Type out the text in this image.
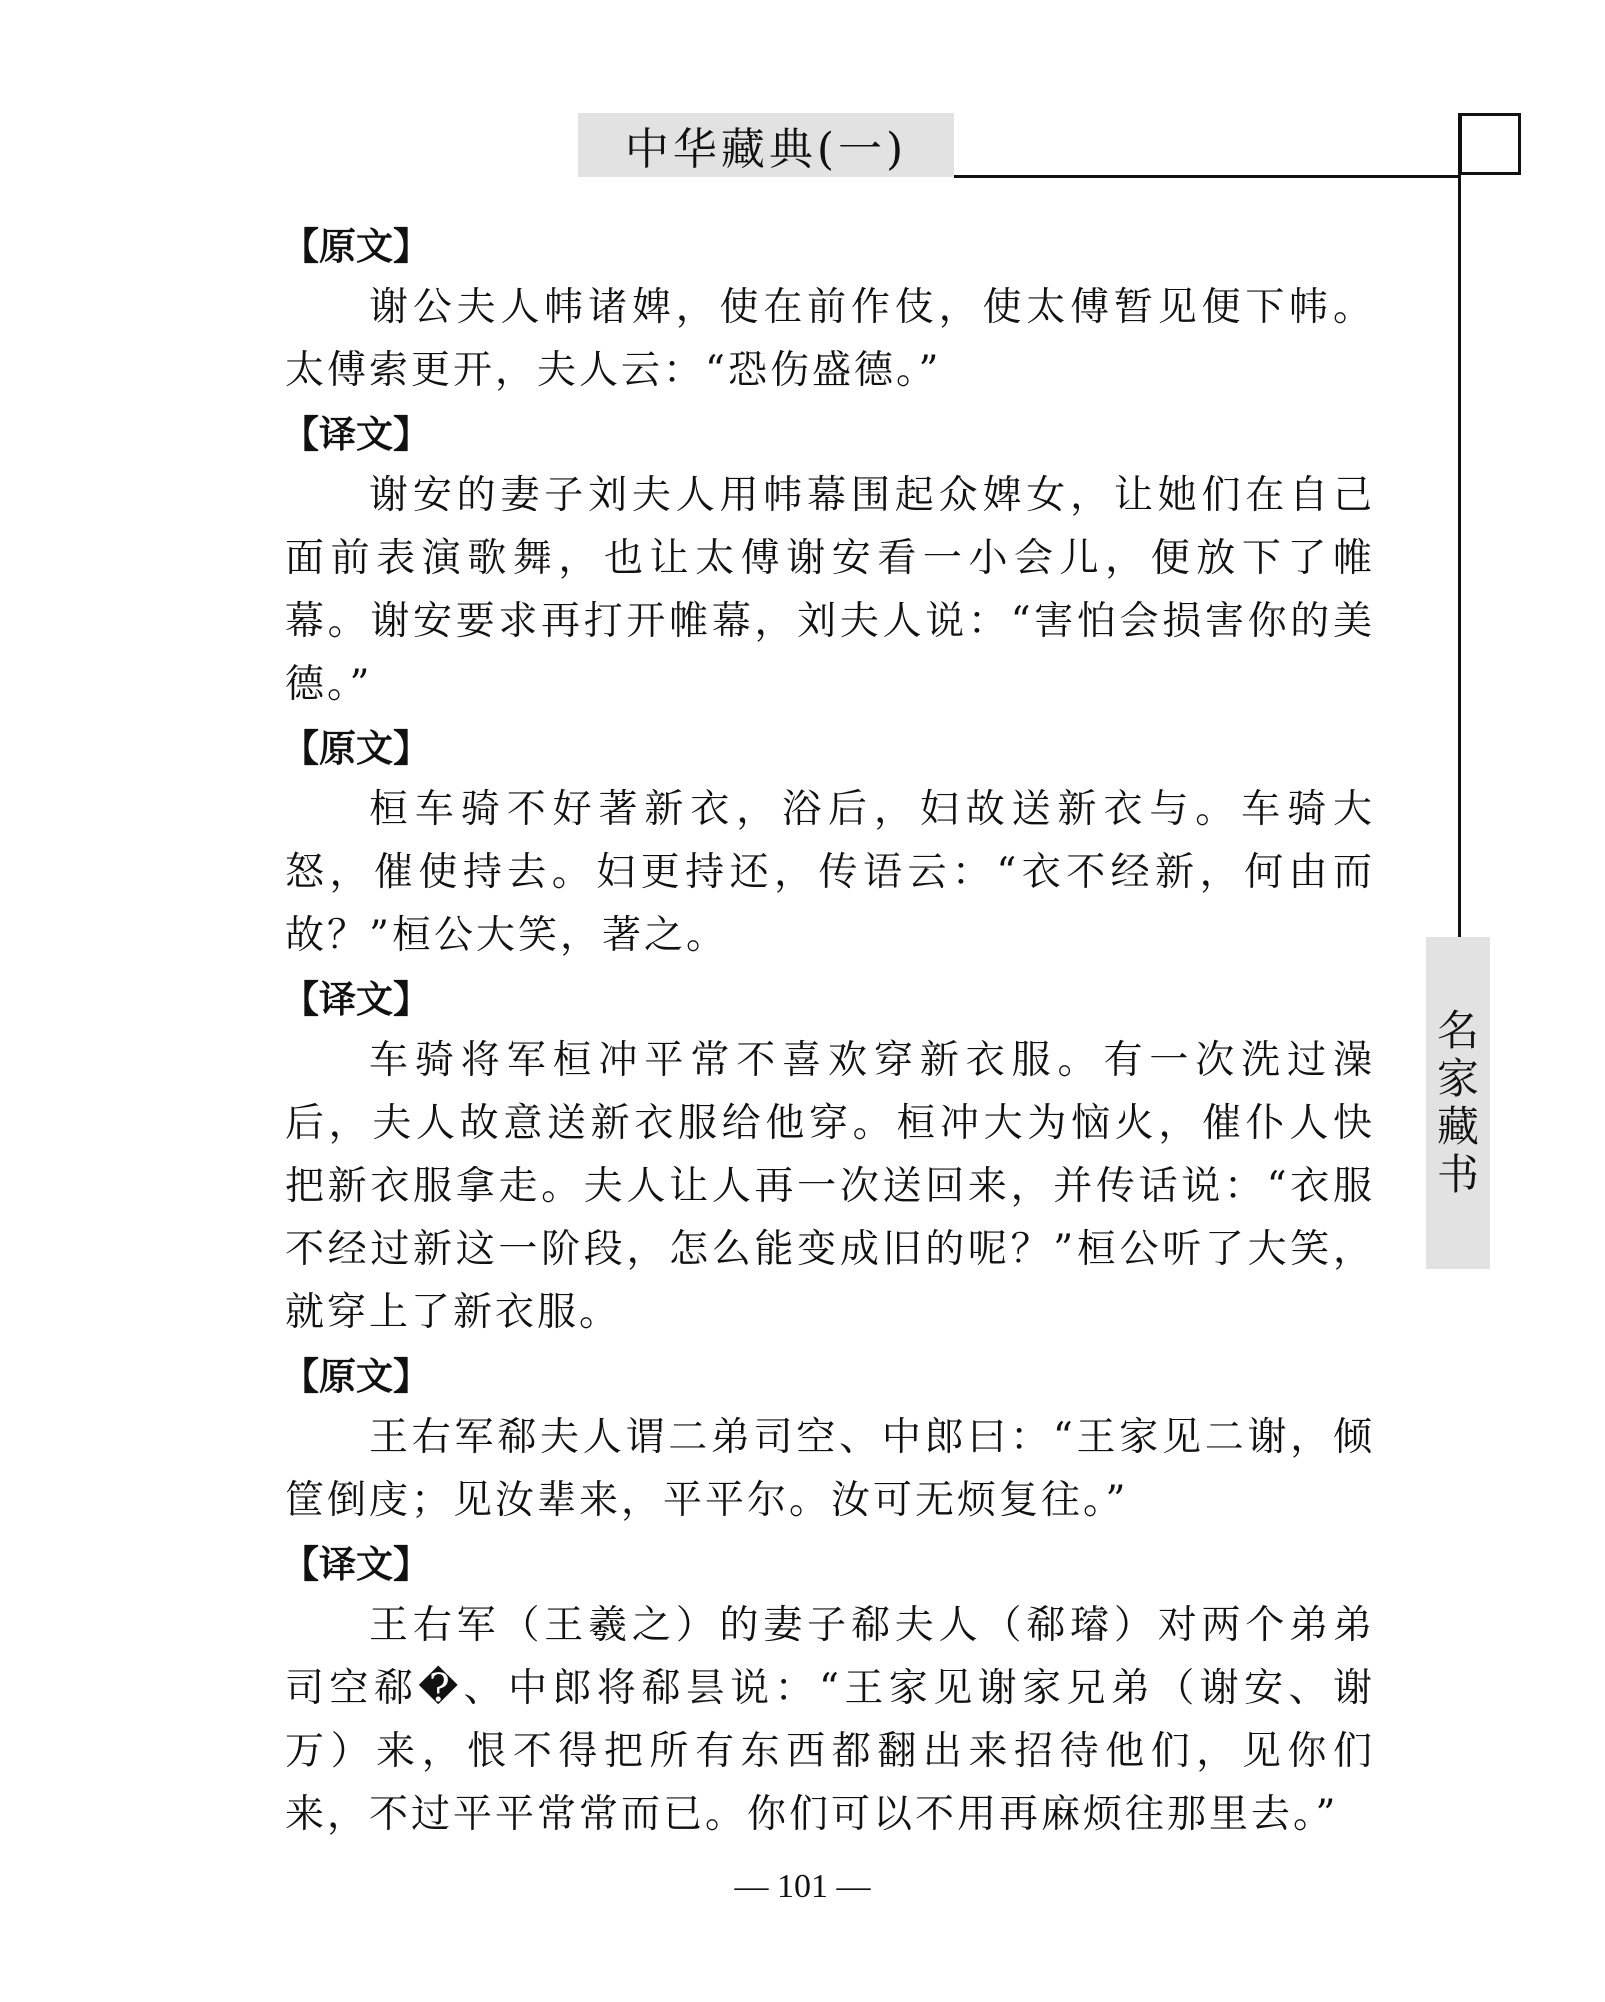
中华藏典(一)
名
家
藏
书
【原文】

谢公夫人帏诸婢，使在前作伎，使太傅暂见便下帏。太傅索更开，夫人云：“恐伤盛德。”

【译文】

谢安的妻子刘夫人用帏幕围起众婢女，让她们在自己面前表演歌舞，也让太傅谢安看一小会儿，便放下了帷幕。谢安要求再打开帷幕，刘夫人说：“害怕会损害你的美德。”

【原文】

桓车骑不好著新衣，浴后，妇故送新衣与。车骑大怒，催使持去。妇更持还，传语云：“衣不经新，何由而故？”桓公大笑，著之。

【译文】

车骑将军桓冲平常不喜欢穿新衣服。有一次洗过澡后，夫人故意送新衣服给他穿。桓冲大为恼火，催仆人快把新衣服拿走。夫人让人再一次送回来，并传话说：“衣服不经过新这一阶段，怎么能变成旧的呢？”桓公听了大笑，就穿上了新衣服。

【原文】

王右军郗夫人谓二弟司空、中郎曰：“王家见二谢，倾筐倒庋；见汝辈来，平平尔。汝可无烦复往。”

【译文】

王右军（王羲之）的妻子郗夫人（郗璿）对两个弟弟司空郗�、中郎将郗昙说：“王家见谢家兄弟（谢安、谢万）来，恨不得把所有东西都翻出来招待他们，见你们来，不过平平常常而已。你们可以不用再麻烦往那里去。”

— 101 —
